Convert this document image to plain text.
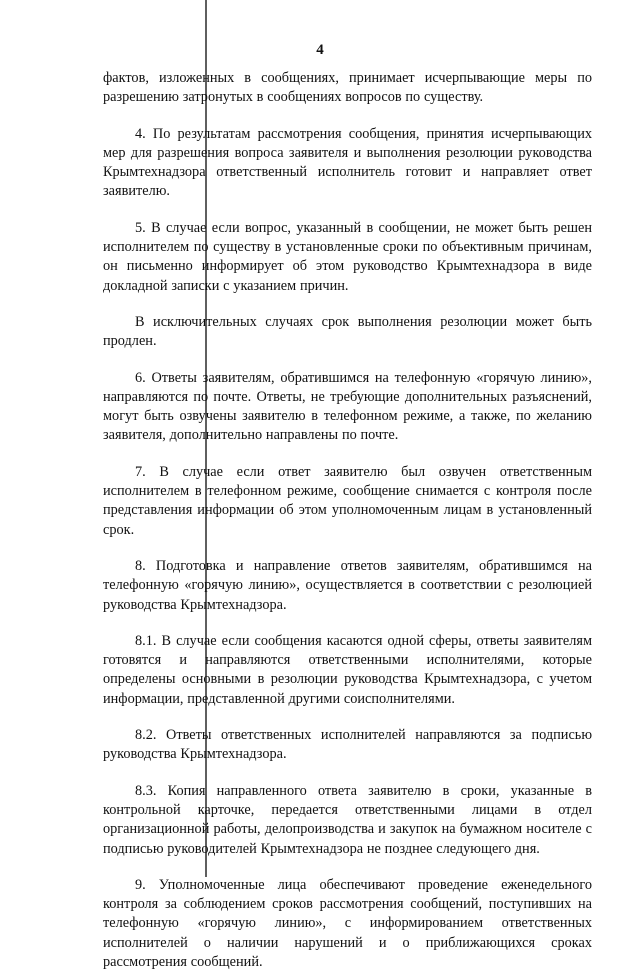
4

фактов, изложенных в сообщениях, принимает исчерпывающие меры по разрешению затронутых в сообщениях вопросов по существу.

4. По результатам рассмотрения сообщения, принятия исчерпывающих мер для разрешения вопроса заявителя и выполнения резолюции руководства Крымтехнадзора ответственный исполнитель готовит и направляет ответ заявителю.

5. В случае если вопрос, указанный в сообщении, не может быть решен исполнителем по существу в установленные сроки по объективным причинам, он письменно информирует об этом руководство Крымтехнадзора в виде докладной записки с указанием причин.

В исключительных случаях срок выполнения резолюции может быть продлен.

6. Ответы заявителям, обратившимся на телефонную «горячую линию», направляются по почте. Ответы, не требующие дополнительных разъяснений, могут быть озвучены заявителю в телефонном режиме, а также, по желанию заявителя, дополнительно направлены по почте.

7. В случае если ответ заявителю был озвучен ответственным исполнителем в телефонном режиме, сообщение снимается с контроля после представления информации об этом уполномоченным лицам в установленный срок.

8. Подготовка и направление ответов заявителям, обратившимся на телефонную «горячую линию», осуществляется в соответствии с резолюцией руководства Крымтехнадзора.

8.1. В случае если сообщения касаются одной сферы, ответы заявителям готовятся и направляются ответственными исполнителями, которые определены основными в резолюции руководства Крымтехнадзора, с учетом информации, представленной другими соисполнителями.

8.2. Ответы ответственных исполнителей направляются за подписью руководства Крымтехнадзора.

8.3. Копия направленного ответа заявителю в сроки, указанные в контрольной карточке, передается ответственными лицами в отдел организационной работы, делопроизводства и закупок на бумажном носителе с подписью руководителей Крымтехнадзора не позднее следующего дня.

9. Уполномоченные лица обеспечивают проведение еженедельного контроля за соблюдением сроков рассмотрения сообщений, поступивших на телефонную «горячую линию», с информированием ответственных исполнителей о наличии нарушений и о приближающихся сроках рассмотрения сообщений.
